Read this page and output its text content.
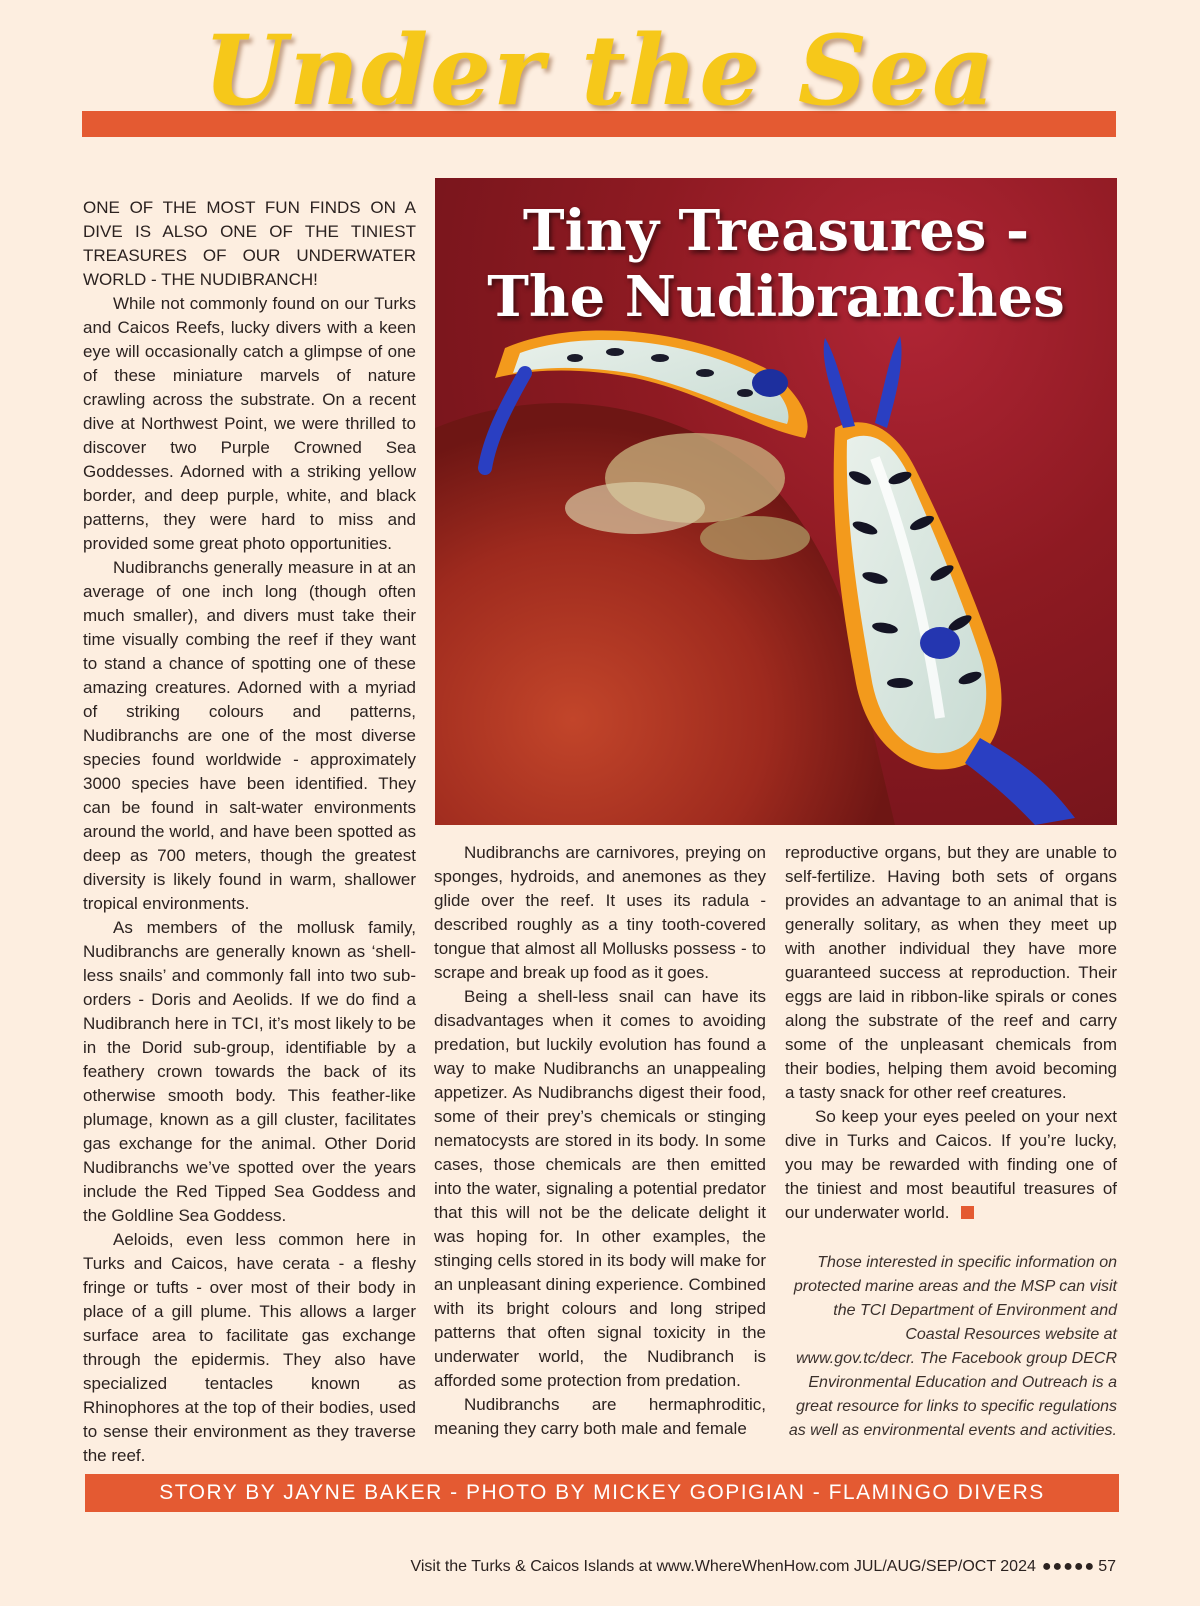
Under the Sea
Tiny Treasures -
The Nudibranches

ONE OF THE MOST FUN FINDS ON A DIVE IS ALSO ONE OF THE TINIEST TREASURES OF OUR UNDERWATER WORLD - THE NUDIBRANCH!

While not commonly found on our Turks and Caicos Reefs, lucky divers with a keen eye will occasionally catch a glimpse of one of these miniature marvels of nature crawling across the substrate. On a recent dive at Northwest Point, we were thrilled to discover two Purple Crowned Sea Goddesses. Adorned with a striking yellow border, and deep purple, white, and black patterns, they were hard to miss and provided some great photo opportunities.

Nudibranchs generally measure in at an average of one inch long (though often much smaller), and divers must take their time visually combing the reef if they want to stand a chance of spotting one of these amazing creatures. Adorned with a myriad of striking colours and patterns, Nudibranchs are one of the most diverse species found worldwide - approximately 3000 species have been identified. They can be found in salt-water environments around the world, and have been spotted as deep as 700 meters, though the greatest diversity is likely found in warm, shallower tropical environments.

As members of the mollusk family, Nudibranchs are generally known as ‘shell-less snails’ and commonly fall into two sub-orders - Doris and Aeolids. If we do find a Nudibranch here in TCI, it’s most likely to be in the Dorid sub-group, identifiable by a feathery crown towards the back of its otherwise smooth body. This feather-like plumage, known as a gill cluster, facilitates gas exchange for the animal. Other Dorid Nudibranchs we’ve spotted over the years include the Red Tipped Sea Goddess and the Goldline Sea Goddess.

Aeloids, even less common here in Turks and Caicos, have cerata - a fleshy fringe or tufts - over most of their body in place of a gill plume. This allows a larger surface area to facilitate gas exchange through the epidermis. They also have specialized tentacles known as Rhinophores at the top of their bodies, used to sense their environment as they traverse the reef.

Nudibranchs are carnivores, preying on sponges, hydroids, and anemones as they glide over the reef. It uses its radula - described roughly as a tiny tooth-covered tongue that almost all Mollusks possess - to scrape and break up food as it goes.

Being a shell-less snail can have its disadvantages when it comes to avoiding predation, but luckily evolution has found a way to make Nudibranchs an unappealing appetizer. As Nudibranchs digest their food, some of their prey’s chemicals or stinging nematocysts are stored in its body. In some cases, those chemicals are then emitted into the water, signaling a potential predator that this will not be the delicate delight it was hoping for. In other examples, the stinging cells stored in its body will make for an unpleasant dining experience. Combined with its bright colours and long striped patterns that often signal toxicity in the underwater world, the Nudibranch is afforded some protection from predation.

Nudibranchs are hermaphroditic, meaning they carry both male and female

reproductive organs, but they are unable to self-fertilize. Having both sets of organs provides an advantage to an animal that is generally solitary, as when they meet up with another individual they have more guaranteed success at reproduction. Their eggs are laid in ribbon-like spirals or cones along the substrate of the reef and carry some of the unpleasant chemicals from their bodies, helping them avoid becoming a tasty snack for other reef creatures.

So keep your eyes peeled on your next dive in Turks and Caicos. If you’re lucky, you may be rewarded with finding one of the tiniest and most beautiful treasures of our underwater world.

Those interested in specific information on protected marine areas and the MSP can visit the TCI Department of Environment and Coastal Resources website at www.gov.tc/decr. The Facebook group DECR Environmental Education and Outreach is a great resource for links to specific regulations as well as environmental events and activities.
STORY BY JAYNE BAKER - PHOTO BY MICKEY GOPIGIAN - FLAMINGO DIVERS
Visit the Turks & Caicos Islands at www.WhereWhenHow.com JUL/AUG/SEP/OCT 2024 ●●●●● 57
